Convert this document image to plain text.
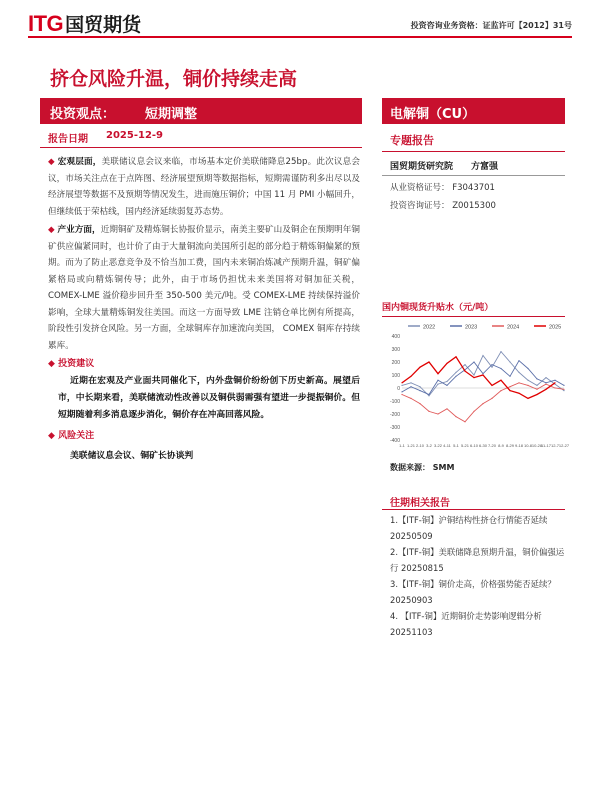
ITG 国贸期货	投资咨询业务资格：证监许可【2012】31号
挤仓风险升温，铜价持续走高
投资观点： 短期调整	电解铜（CU）
报告日期 2025-12-9

◆ 宏观层面，美联储议息会议来临，市场基本定价美联储降息25bp。此次议息会议，市场关注点在于点阵图、经济展望预期等数据指标，短期需谨防利多出尽以及经济展望等数据不及预期等情况发生，进而施压铜价；中国 11 月 PMI 小幅回升，但继续低于荣枯线，国内经济延续弱复苏态势。

◆ 产业方面，近期铜矿及精炼铜长协报价显示，南美主要矿山及铜企在预期明年铜矿供应偏紧同时，也计价了由于大量铜流向美国所引起的部分趋于精炼铜偏紧的预期。而为了防止恶意竞争及不恰当加工费，国内未来铜冶炼减产预期升温，铜矿偏紧格局或向精炼铜传导；此外，由于市场仍担忧未来美国将对铜加征关税，COMEX-LME 溢价稳步回升至 350-500 美元/吨。受 COMEX-LME 持续保持溢价影响，全球大量精炼铜发往美国。而这一方面导致 LME 注销仓单比例有所提高，阶段性引发挤仓风险。另一方面，全球铜库存加速流向美国， COMEX 铜库存持续累库。

◆ 投资建议

近期在宏观及产业面共同催化下，内外盘铜价纷纷创下历史新高。展望后市，中长期来看，美联储流动性改善以及铜供弱需强有望进一步提振铜价。但短期随着利多消息逐步消化，铜价存在冲高回落风险。

◆ 风险关注
美联储议息会议、铜矿长协谈判
专题报告
国贸期货研究院 方富强
从业资格证号： F3043701
投资咨询证号： Z0015300
国内铜现货升贴水（元/吨）
2022	2023	2024	2025
400
300
200
100
0
-100
-200
-300
-400
1-1 1-21 2-10 3-2 3-22 4-11 5-1 5-21 6-10 6-30 7-20 8-9 8-29 9-18 10-8 10-28
11-17 12-7 12-27
数据来源： SMM
往期相关报告
1.【ITF-铜】沪铜结构性挤仓行情能否延续 20250509
2.【ITF-铜】美联储降息预期升温，铜价偏强运行 20250815
3.【ITF-铜】铜价走高，价格强势能否延续？ 20250903
4. 【ITF-铜】近期铜价走势影响逻辑分析 20251103
